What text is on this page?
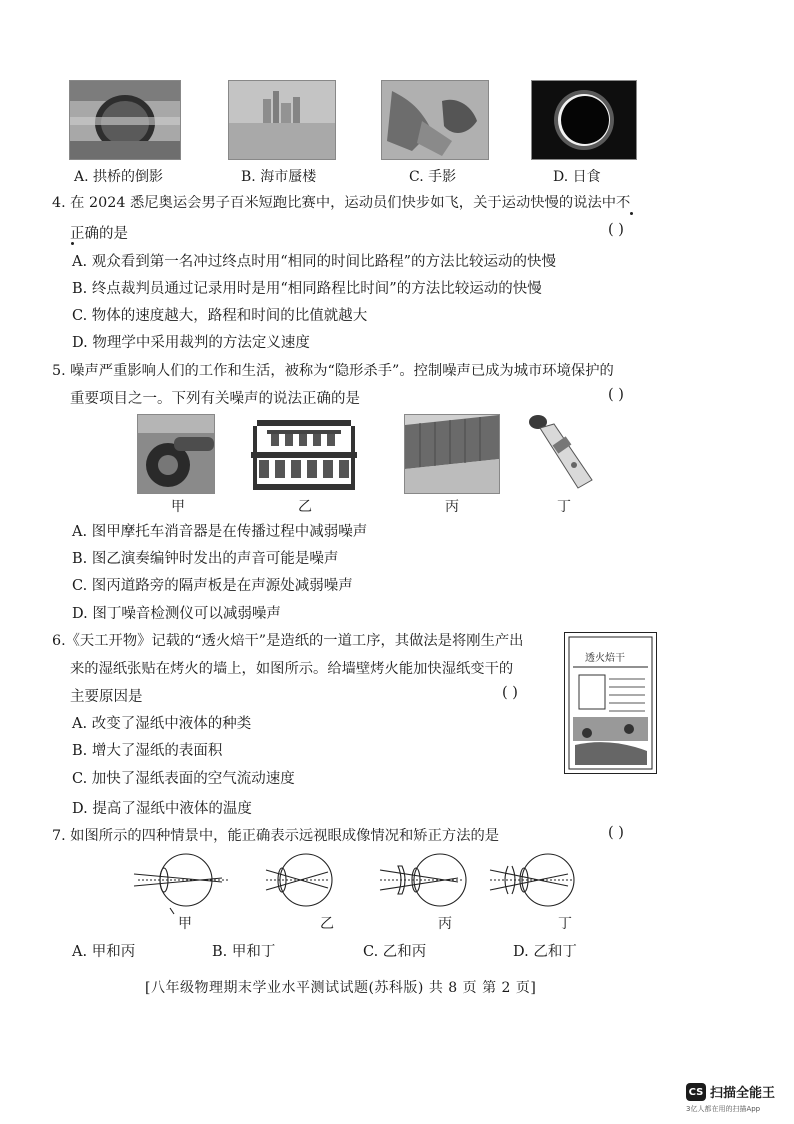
A. 拱桥的倒影	B. 海市蜃楼	C. 手影	D. 日食
4. 在 2024 悉尼奥运会男子百米短跑比赛中，运动员们快步如飞，关于运动快慢的说法中不
正确的是	( )
A. 观众看到第一名冲过终点时用“相同的时间比路程”的方法比较运动的快慢
B. 终点裁判员通过记录用时是用“相同路程比时间”的方法比较运动的快慢
C. 物体的速度越大，路程和时间的比值就越大
D. 物理学中采用裁判的方法定义速度
5. 噪声严重影响人们的工作和生活，被称为“隐形杀手”。控制噪声已成为城市环境保护的
重要项目之一。下列有关噪声的说法正确的是	( )
甲	乙	丙	丁
A. 图甲摩托车消音器是在传播过程中减弱噪声
B. 图乙演奏编钟时发出的声音可能是噪声
C. 图丙道路旁的隔声板是在声源处减弱噪声
D. 图丁噪音检测仪可以减弱噪声
6.《天工开物》记载的“透火焙干”是造纸的一道工序，其做法是将刚生产出
来的湿纸张贴在烤火的墙上，如图所示。给墙壁烤火能加快湿纸变干的
主要原因是	( )
透火焙干
A. 改变了湿纸中液体的种类
B. 增大了湿纸的表面积
C. 加快了湿纸表面的空气流动速度
D. 提高了湿纸中液体的温度
7. 如图所示的四种情景中，能正确表示远视眼成像情况和矫正方法的是	( )
甲	乙	丙	丁
A. 甲和丙	B. 甲和丁	C. 乙和丙	D. 乙和丁
[八年级物理期末学业水平测试试题(苏科版) 共 8 页 第 2 页]
CS 扫描全能王
3亿人都在用的扫描App
